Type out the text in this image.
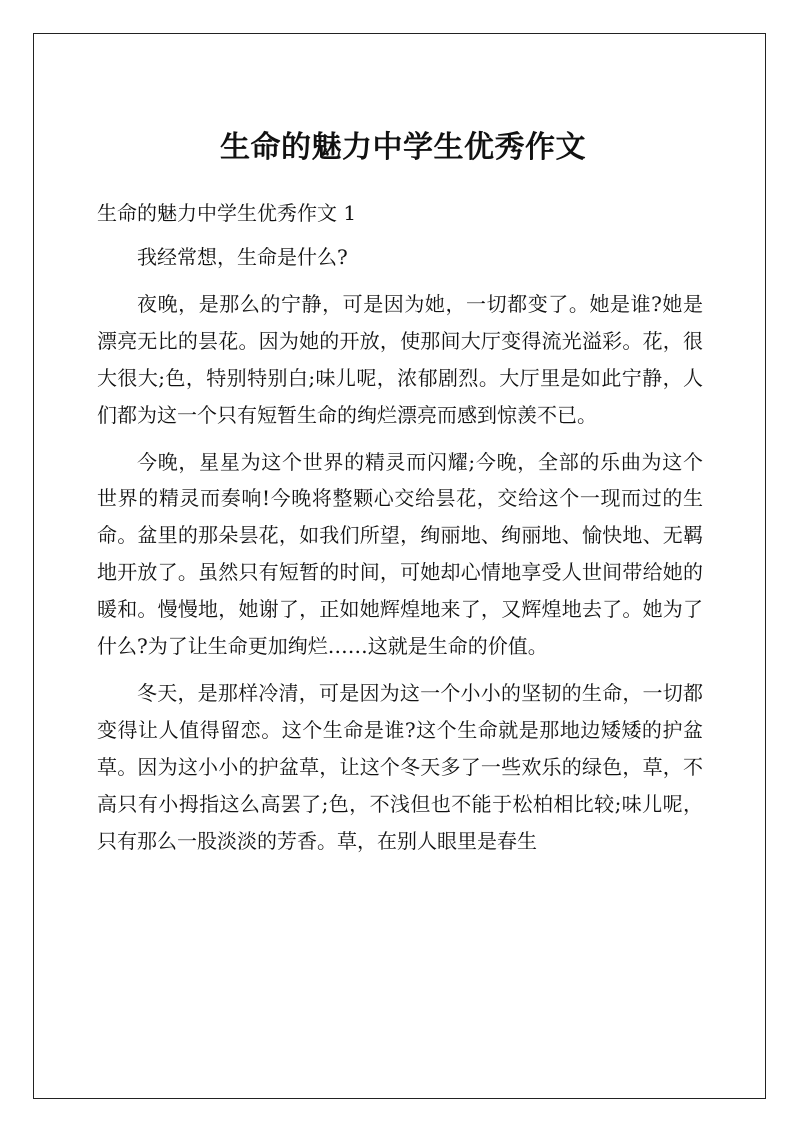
生命的魅力中学生优秀作文
生命的魅力中学生优秀作文 1

我经常想，生命是什么?

夜晚，是那么的宁静，可是因为她，一切都变了。她是谁?她是漂亮无比的昙花。因为她的开放，使那间大厅变得流光溢彩。花，很大很大;色，特别特别白;味儿呢，浓郁剧烈。大厅里是如此宁静，人们都为这一个只有短暂生命的绚烂漂亮而感到惊羡不已。

今晚，星星为这个世界的精灵而闪耀;今晚，全部的乐曲为这个世界的精灵而奏响!今晚将整颗心交给昙花，交给这个一现而过的生命。盆里的那朵昙花，如我们所望，绚丽地、绚丽地、愉快地、无羁地开放了。虽然只有短暂的时间，可她却心情地享受人世间带给她的暖和。慢慢地，她谢了，正如她辉煌地来了，又辉煌地去了。她为了什么?为了让生命更加绚烂……这就是生命的价值。

冬天，是那样冷清，可是因为这一个小小的坚韧的生命，一切都变得让人值得留恋。这个生命是谁?这个生命就是那地边矮矮的护盆草。因为这小小的护盆草，让这个冬天多了一些欢乐的绿色，草，不高只有小拇指这么高罢了;色，不浅但也不能于松柏相比较;味儿呢，只有那么一股淡淡的芳香。草，在别人眼里是春生
